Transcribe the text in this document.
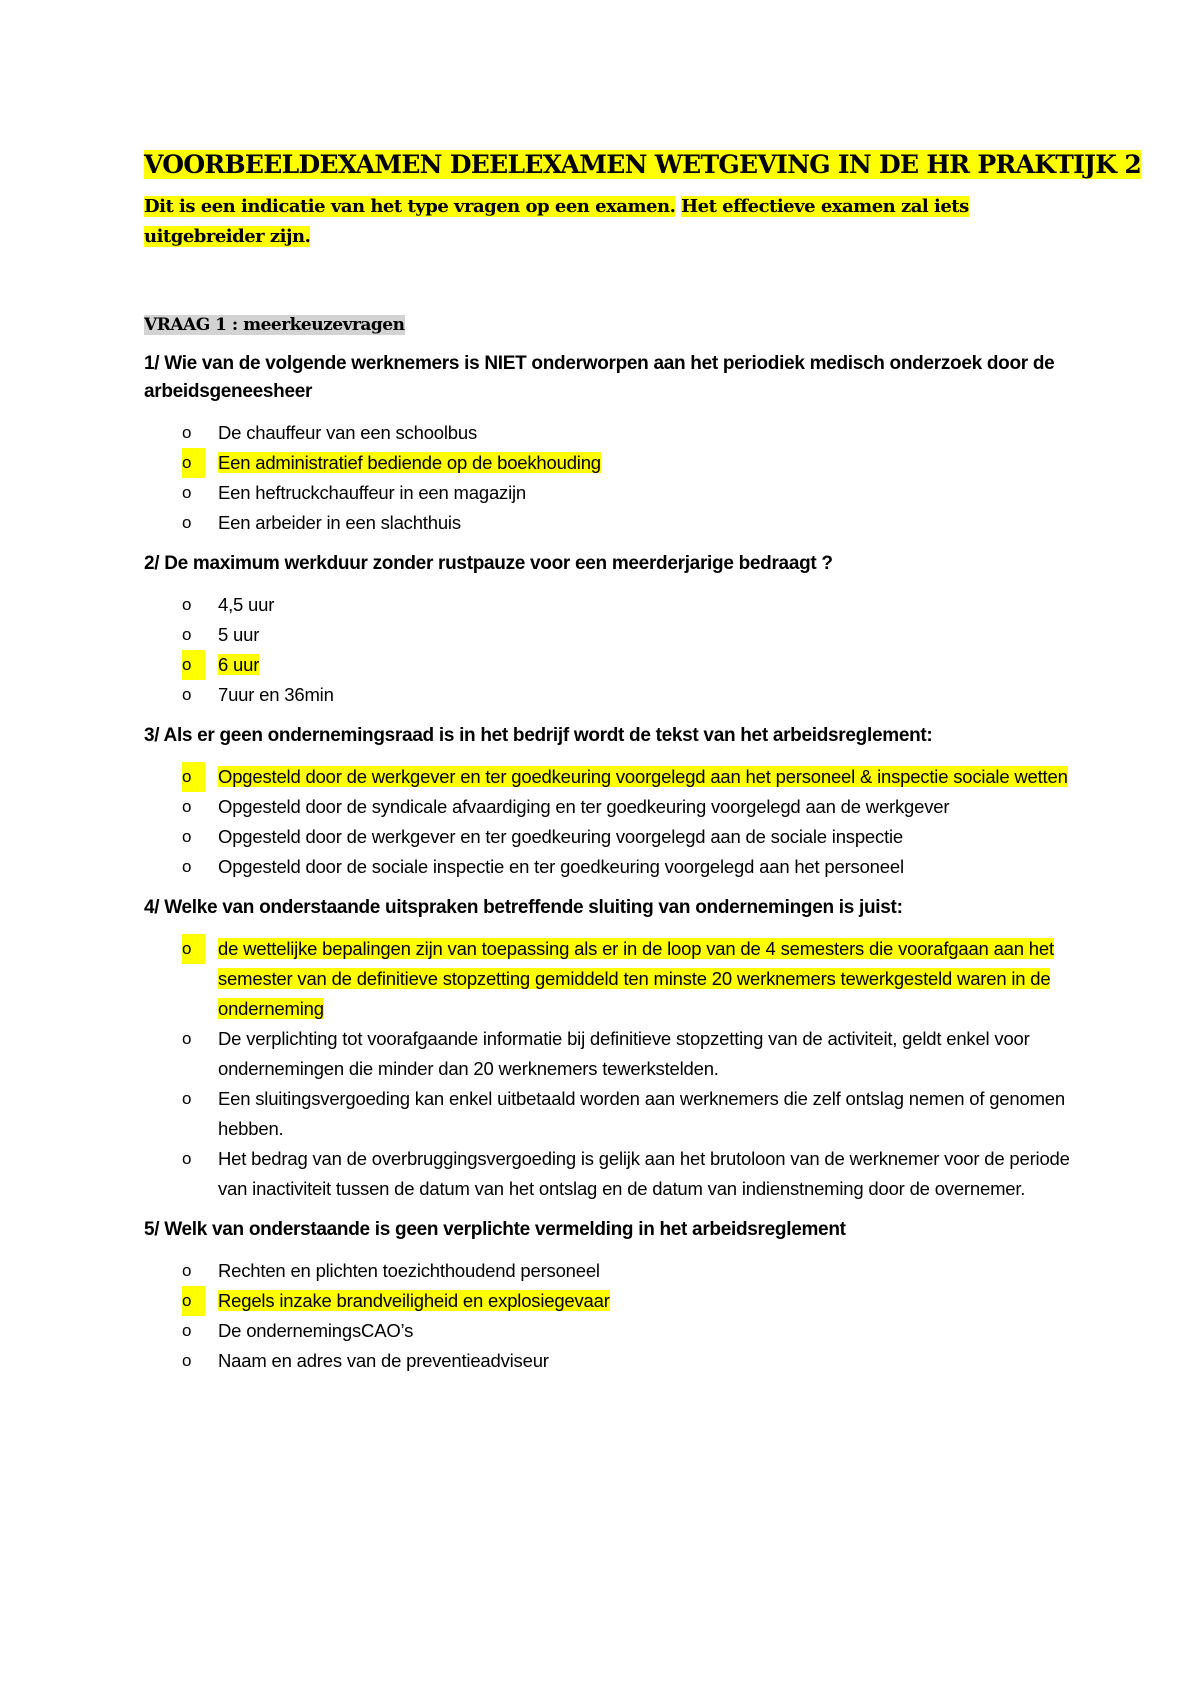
VOORBEELDEXAMEN DEELEXAMEN WETGEVING IN DE HR PRAKTIJK 2
Dit is een indicatie van het type vragen op een examen. Het effectieve examen zal iets uitgebreider zijn.
VRAAG 1 : meerkeuzevragen
1/ Wie van de volgende werknemers is NIET onderworpen aan het periodiek medisch onderzoek door de arbeidsgeneesheer
o De chauffeur van een schoolbus
o	Een administratief bediende op de boekhouding
o Een heftruckchauffeur in een magazijn
o Een arbeider in een slachthuis
2/ De maximum werkduur zonder rustpauze voor een meerderjarige bedraagt ?
o 4,5 uur
o 5 uur
o	6 uur
o 7uur en 36min
3/ Als er geen ondernemingsraad is in het bedrijf wordt de tekst van het arbeidsreglement:
o	Opgesteld door de werkgever en ter goedkeuring voorgelegd aan het personeel & inspectie sociale wetten
o Opgesteld door de syndicale afvaardiging en ter goedkeuring voorgelegd aan de werkgever
o Opgesteld door de werkgever en ter goedkeuring voorgelegd aan de sociale inspectie
o Opgesteld door de sociale inspectie en ter goedkeuring voorgelegd aan het personeel
4/ Welke van onderstaande uitspraken betreffende sluiting van ondernemingen is juist:
o	de wettelijke bepalingen zijn van toepassing als er in de loop van de 4 semesters die voorafgaan aan het semester van de definitieve stopzetting gemiddeld ten minste 20 werknemers tewerkgesteld waren in de onderneming
o De verplichting tot voorafgaande informatie bij definitieve stopzetting van de activiteit, geldt enkel voor ondernemingen die minder dan 20 werknemers tewerkstelden.
o Een sluitingsvergoeding kan enkel uitbetaald worden aan werknemers die zelf ontslag nemen of genomen hebben.
o Het bedrag van de overbruggingsvergoeding is gelijk aan het brutoloon van de werknemer voor de periode van inactiviteit tussen de datum van het ontslag en de datum van indienstneming door de overnemer.
5/ Welk van onderstaande is geen verplichte vermelding in het arbeidsreglement
o Rechten en plichten toezichthoudend personeel
o	Regels inzake brandveiligheid en explosiegevaar
o De ondernemingsCAO’s
o Naam en adres van de preventieadviseur
